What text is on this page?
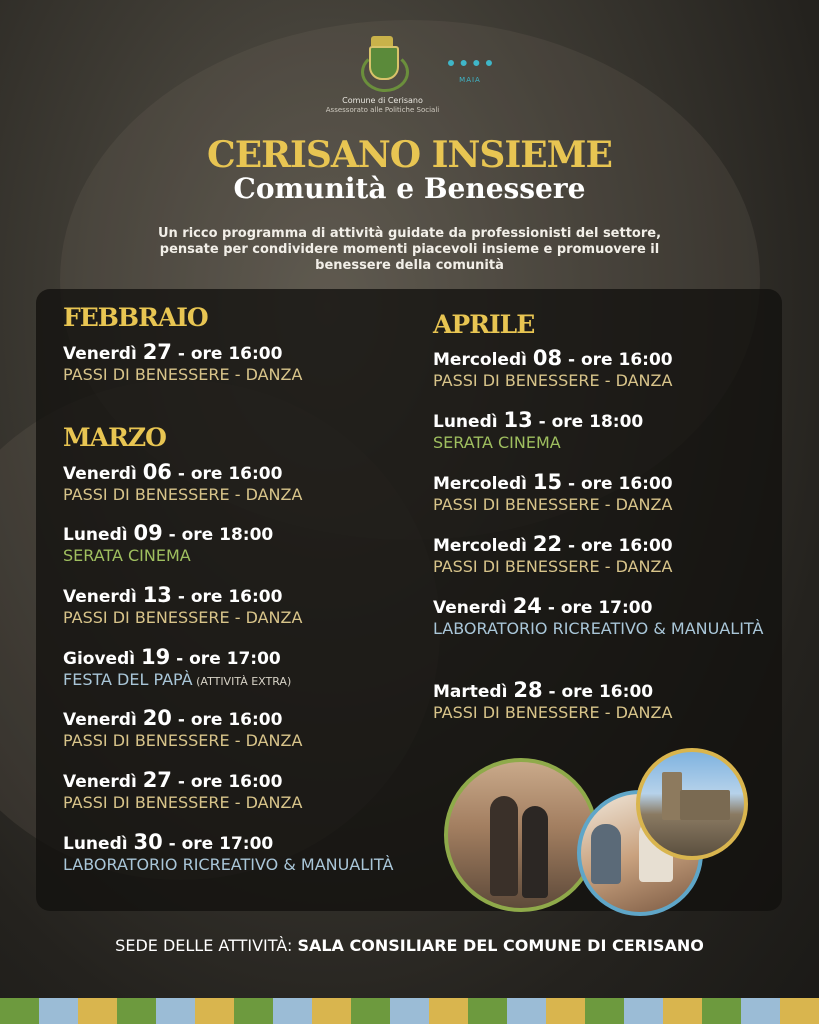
Comune di Cerisano
Assessorato alle Politiche Sociali
MAIA
CERISANO INSIEME
Comunità e Benessere
Un ricco programma di attività guidate da professionisti del settore, pensate per condividere momenti piacevoli insieme e promuovere il benessere della comunità
FEBBRAIO
MARZO
APRILE
Venerdì 27 - ore 16:00
PASSI DI BENESSERE - DANZA
Venerdì 06 - ore 16:00
PASSI DI BENESSERE - DANZA
Lunedì 09 - ore 18:00
SERATA CINEMA
Venerdì 13 - ore 16:00
PASSI DI BENESSERE - DANZA
Giovedì 19 - ore 17:00
FESTA DEL PAPÀ (ATTIVITÀ EXTRA)
Venerdì 20 - ore 16:00
PASSI DI BENESSERE - DANZA
Venerdì 27 - ore 16:00
PASSI DI BENESSERE - DANZA
Lunedì 30 - ore 17:00
LABORATORIO RICREATIVO & MANUALITÀ
Mercoledì 08 - ore 16:00
PASSI DI BENESSERE - DANZA
Lunedì 13 - ore 18:00
SERATA CINEMA
Mercoledì 15 - ore 16:00
PASSI DI BENESSERE - DANZA
Mercoledì 22 - ore 16:00
PASSI DI BENESSERE - DANZA
Venerdì 24 - ore 17:00
LABORATORIO RICREATIVO & MANUALITÀ
Martedì 28 - ore 16:00
PASSI DI BENESSERE - DANZA
SEDE DELLE ATTIVITÀ: SALA CONSILIARE DEL COMUNE DI CERISANO
